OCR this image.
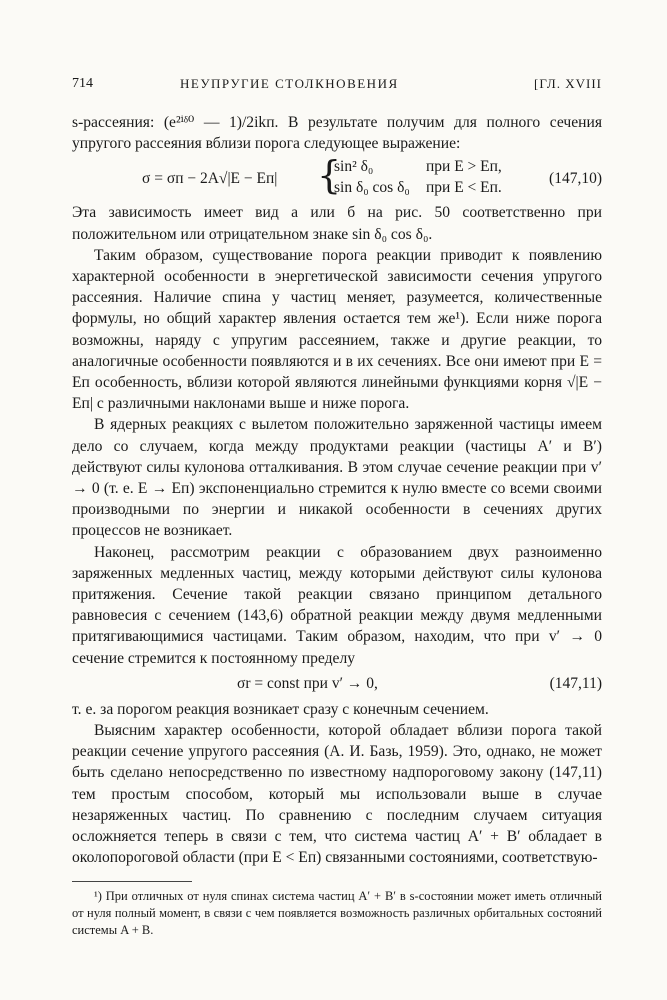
714	НЕУПРУГИЕ СТОЛКНОВЕНИЯ	[ГЛ. XVIII

s-рассеяния: (e²ⁱᵟ⁰ — 1)/2ikп. В результате получим для полного сечения упругого рассеяния вблизи порога следующее выражение:

σ = σп − 2A√|E − Eп| {
sin² δ₀	при E > Eп,
sin δ₀ cos δ₀ при E < Eп.
(147,10)

Эта зависимость имеет вид а или б на рис. 50 соответственно при положительном или отрицательном знаке sin δ₀ cos δ₀.

Таким образом, существование порога реакции приводит к появлению характерной особенности в энергетической зависимости сечения упругого рассеяния. Наличие спина у частиц меняет, разумеется, количественные формулы, но общий характер явления остается тем же¹). Если ниже порога возможны, наряду с упругим рассеянием, также и другие реакции, то аналогичные особенности появляются и в их сечениях. Все они имеют при E = Eп особенность, вблизи которой являются линейными функциями корня √|E − Eп| с различными наклонами выше и ниже порога.

В ядерных реакциях с вылетом положительно заряженной частицы имеем дело со случаем, когда между продуктами реакции (частицы A′ и B′) действуют силы кулонова отталкивания. В этом случае сечение реакции при v′ → 0 (т. е. E → Eп) экспоненциально стремится к нулю вместе со всеми своими производными по энергии и никакой особенности в сечениях других процессов не возникает.

Наконец, рассмотрим реакции с образованием двух разноименно заряженных медленных частиц, между которыми действуют силы кулонова притяжения. Сечение такой реакции связано принципом детального равновесия с сечением (143,6) обратной реакции между двумя медленными притягивающимися частицами. Таким образом, находим, что при v′ → 0 сечение стремится к постоянному пределу

σr = const при v′ → 0,	(147,11)

т. е. за порогом реакция возникает сразу с конечным сечением.

Выясним характер особенности, которой обладает вблизи порога такой реакции сечение упругого рассеяния (А. И. Базь, 1959). Это, однако, не может быть сделано непосредственно по известному надпороговому закону (147,11) тем простым способом, который мы использовали выше в случае незаряженных частиц. По сравнению с последним случаем ситуация осложняется теперь в связи с тем, что система частиц A′ + B′ обладает в околопороговой области (при E < Eп) связанными состояниями, соответствую-

¹) При отличных от нуля спинах система частиц A′ + B′ в s-состоянии может иметь отличный от нуля полный момент, в связи с чем появляется возможность различных орбитальных состояний системы A + B.
